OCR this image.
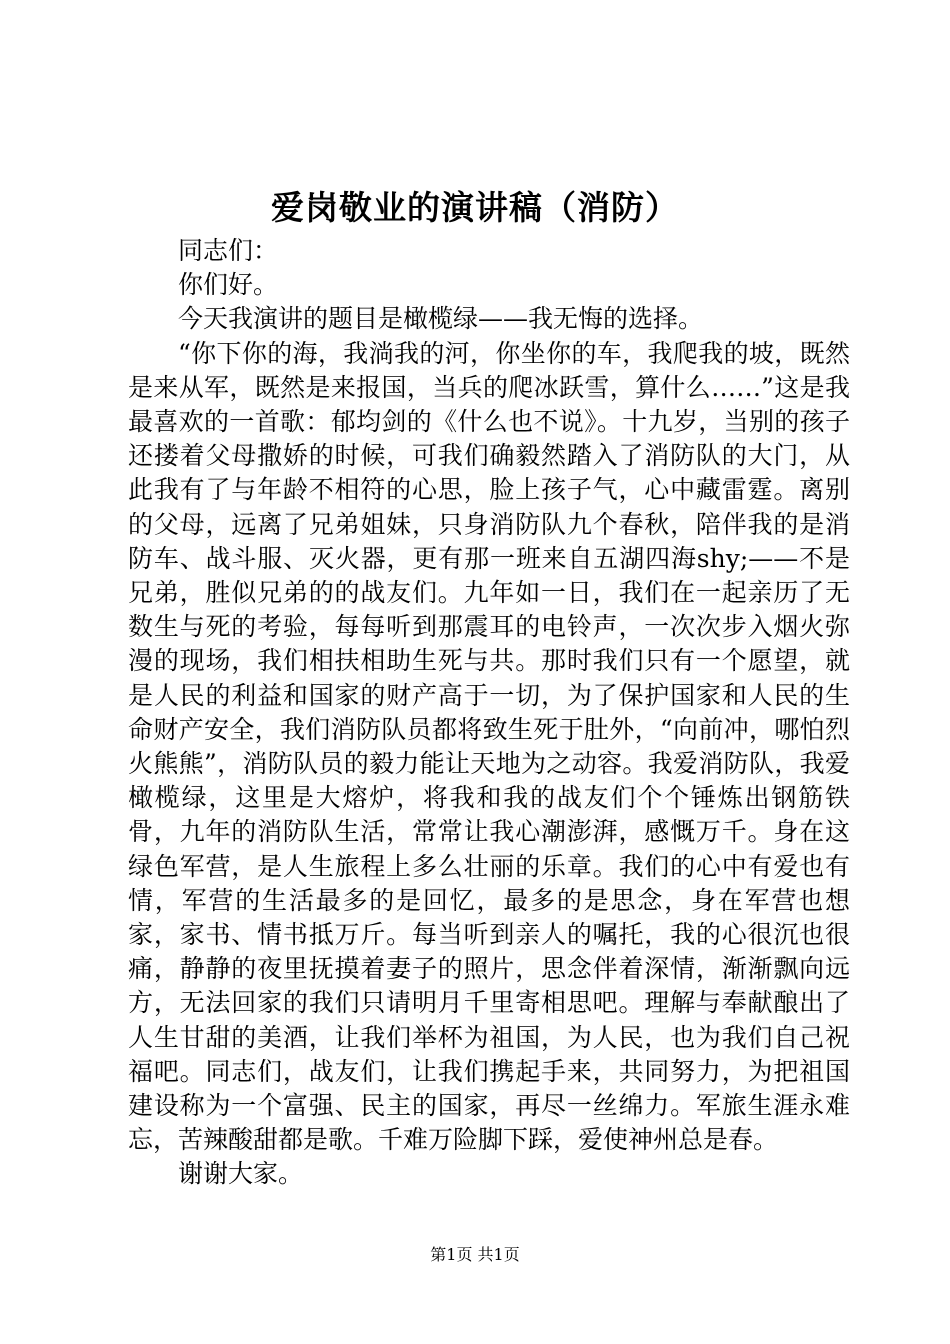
爱岗敬业的演讲稿（消防）

同志们：

你们好。

今天我演讲的题目是橄榄绿——我无悔的选择。

“你下你的海，我淌我的河，你坐你的车，我爬我的坡，既然是来从军，既然是来报国，当兵的爬冰跃雪，算什么……”这是我最喜欢的一首歌：郁均剑的《什么也不说》。十九岁，当别的孩子还搂着父母撒娇的时候，可我们确毅然踏入了消防队的大门，从此我有了与年龄不相符的心思，脸上孩子气，心中藏雷霆。离别的父母，远离了兄弟姐妹，只身消防队九个春秋，陪伴我的是消防车、战斗服、灭火器，更有那一班来自五湖四海shy;——不是兄弟，胜似兄弟的的战友们。九年如一日，我们在一起亲历了无数生与死的考验，每每听到那震耳的电铃声，一次次步入烟火弥漫的现场，我们相扶相助生死与共。那时我们只有一个愿望，就是人民的利益和国家的财产高于一切，为了保护国家和人民的生命财产安全，我们消防队员都将致生死于肚外，“向前冲，哪怕烈火熊熊”，消防队员的毅力能让天地为之动容。我爱消防队，我爱橄榄绿，这里是大熔炉，将我和我的战友们个个锤炼出钢筋铁骨，九年的消防队生活，常常让我心潮澎湃，感慨万千。身在这绿色军营，是人生旅程上多么壮丽的乐章。我们的心中有爱也有情，军营的生活最多的是回忆，最多的是思念，身在军营也想家，家书、情书抵万斤。每当听到亲人的嘱托，我的心很沉也很痛，静静的夜里抚摸着妻子的照片，思念伴着深情，渐渐飘向远方，无法回家的我们只请明月千里寄相思吧。理解与奉献酿出了人生甘甜的美酒，让我们举杯为祖国，为人民，也为我们自己祝福吧。同志们，战友们，让我们携起手来，共同努力，为把祖国建设称为一个富强、民主的国家，再尽一丝绵力。军旅生涯永难忘，苦辣酸甜都是歌。千难万险脚下踩，爱使神州总是春。

谢谢大家。

第1页 共1页
